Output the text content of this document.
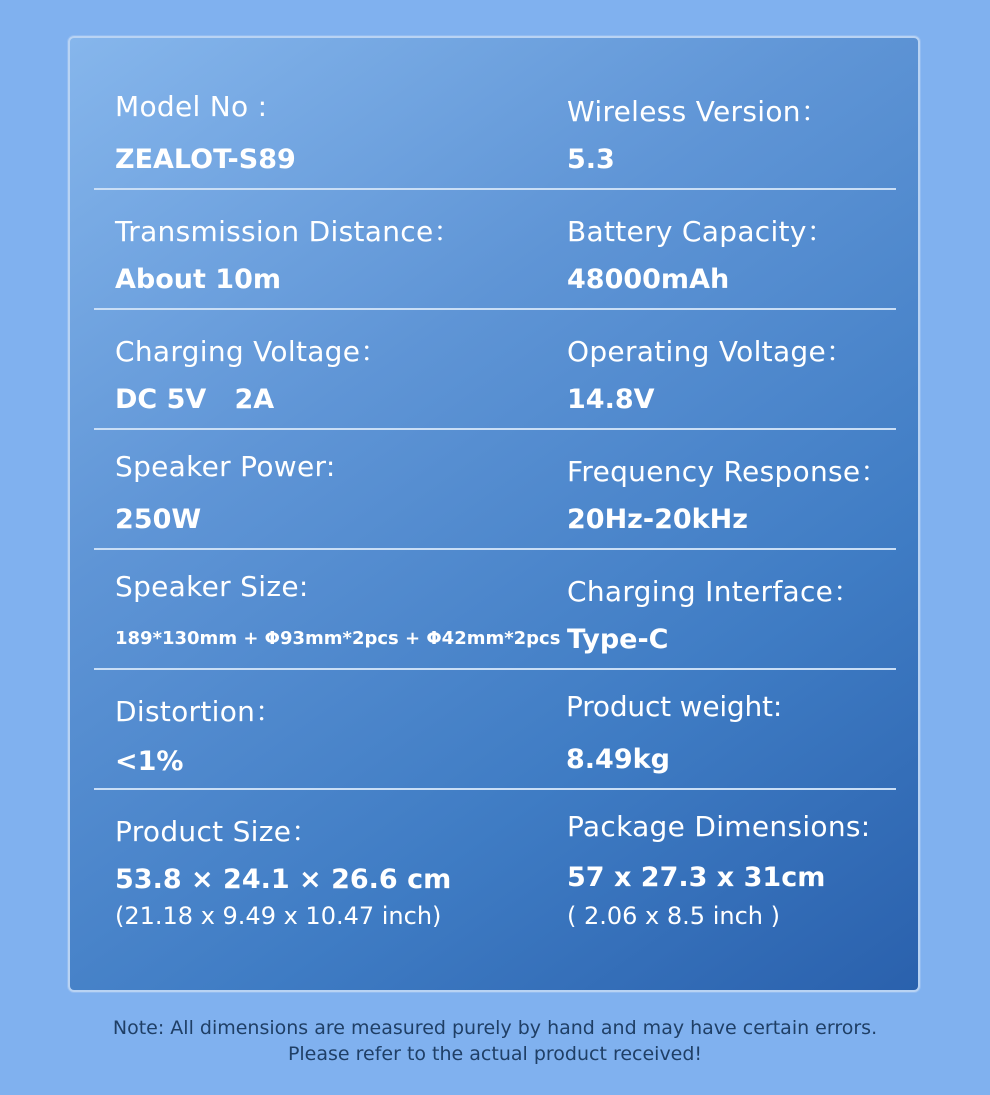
Model No :
ZEALOT-S89
Wireless Version：
5.3
Transmission Distance：
About 10m
Battery Capacity：
48000mAh
Charging Voltage：
DC 5V   2A
Operating Voltage：
14.8V
Speaker Power:
250W
Frequency Response：
20Hz-20kHz
Speaker Size:
189*130mm + Φ93mm*2pcs + Φ42mm*2pcs
Charging Interface：
Type-C
Distortion：
<1%
Product weight:
8.49kg
Product Size：
53.8 × 24.1 × 26.6 cm
(21.18 x 9.49 x 10.47 inch)
Package Dimensions:
57 x 27.3 x 31cm
( 2.06 x 8.5 inch )
Note: All dimensions are measured purely by hand and may have certain errors.
Please refer to the actual product received!
